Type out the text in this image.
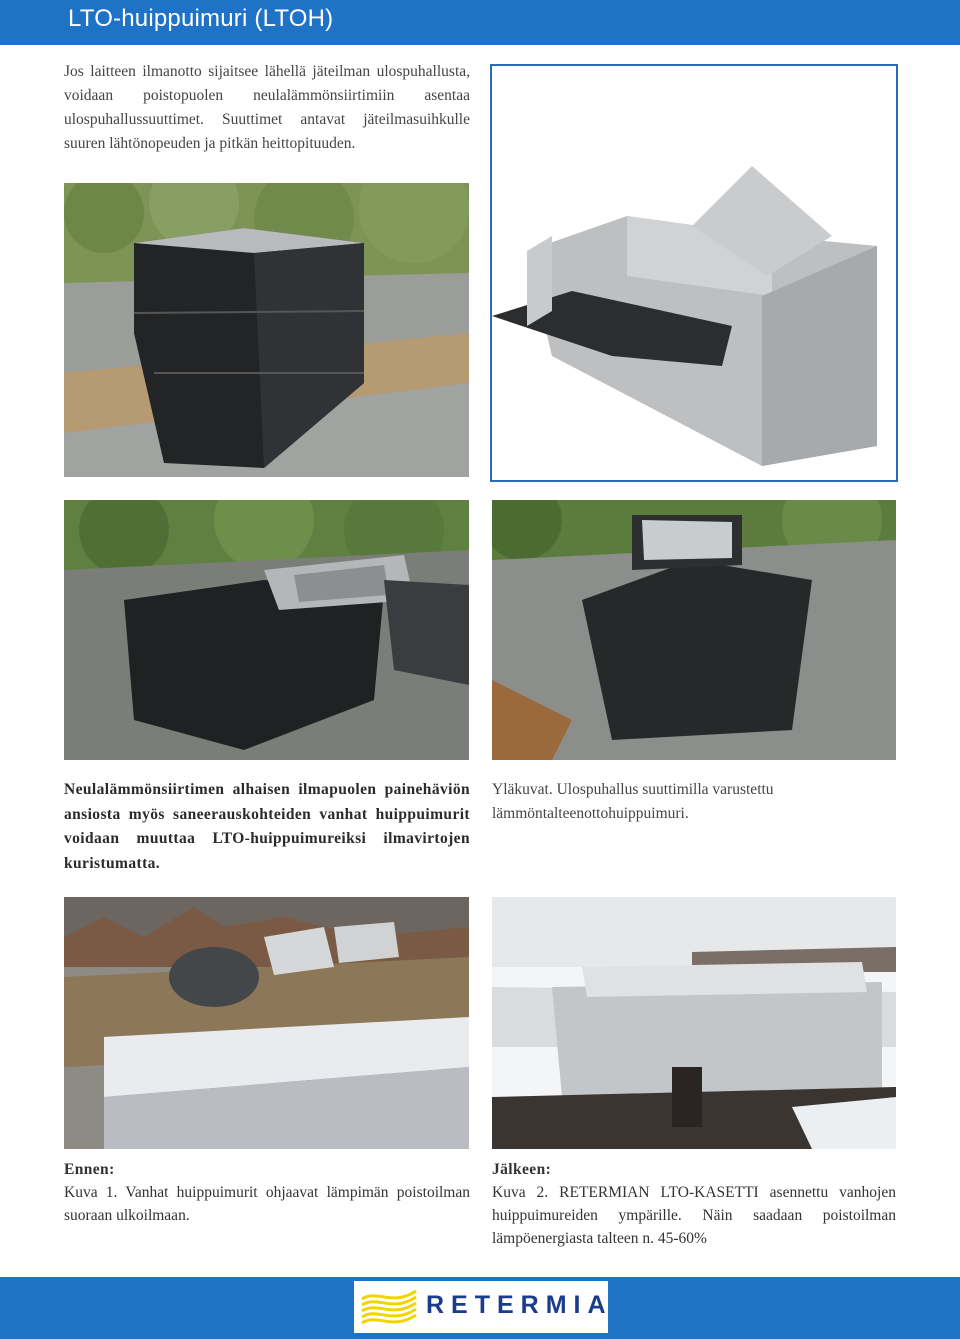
LTO-huippuimuri (LTOH)

Jos laitteen ilmanotto sijaitsee lähellä jäteilman ulospuhallusta, voidaan poistopuolen neulalämmönsiirtimiin asentaa ulospuhallussuuttimet. Suuttimet antavat jäteilmasuihkulle suuren lähtönopeuden ja pitkän heittopituuden.

Neulalämmönsiirtimen alhaisen ilmapuolen painehäviön ansiosta myös saneerauskohteiden vanhat huippuimurit voidaan muuttaa LTO-huippuimureiksi ilmavirtojen kuristumatta.

Yläkuvat. Ulospuhallus suuttimilla varustettu lämmöntalteenottohuippuimuri.

Ennen:
Kuva 1. Vanhat huippuimurit ohjaavat lämpimän poistoilman suoraan ulkoilmaan.
Jälkeen:
Kuva 2. RETERMIAN LTO-KASETTI asennettu vanhojen huippuimureiden ympärille. Näin saadaan poistoilman lämpöenergiasta talteen n. 45-60%
RETERMIA
